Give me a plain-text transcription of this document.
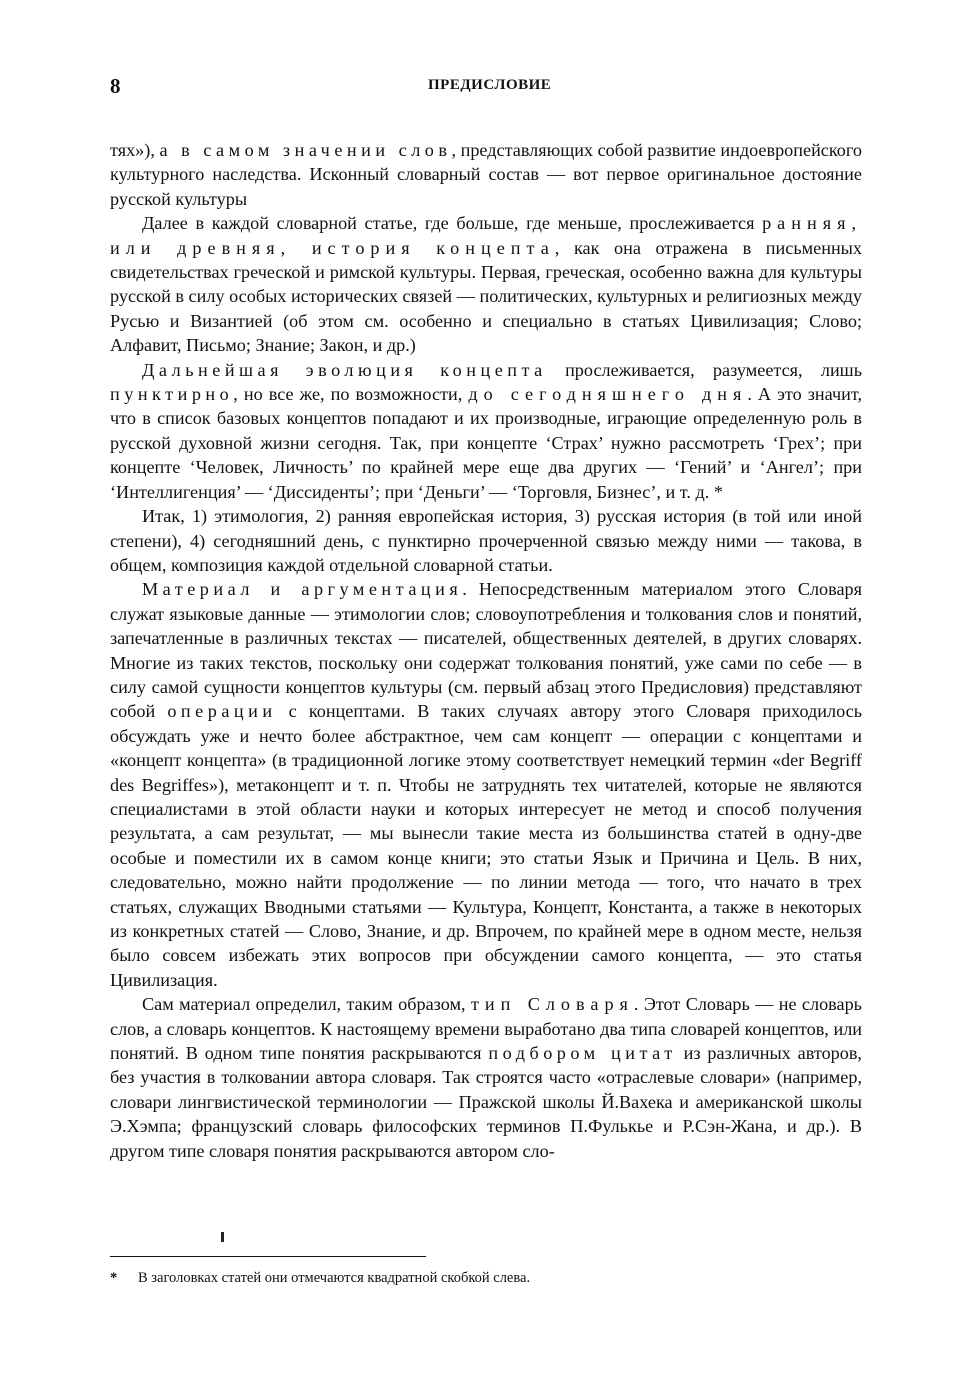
8	ПРЕДИСЛОВИЕ

тях»), а в самом значении слов, представляющих собой развитие индоевропейского культурного наследства. Исконный словарный состав — вот первое оригинальное достояние русской культуры

Далее в каждой словарной статье, где больше, где меньше, прослеживается ранняя, или древняя, история концепта, как она отражена в письменных свидетельствах греческой и римской культуры. Первая, греческая, особенно важна для культуры русской в силу особых исторических связей — политических, культурных и религиозных между Русью и Византией (об этом см. особенно и специально в статьях Цивилизация; Слово; Алфавит, Письмо; Знание; Закон, и др.)

Дальнейшая эволюция концепта прослеживается, разумеется, лишь пунктирно, но все же, по возможности, до сегодняшнего дня. А это значит, что в список базовых концептов попадают и их производные, играющие определенную роль в русской духовной жизни сегодня. Так, при концепте ‘Страх’ нужно рассмотреть ‘Грех’; при концепте ‘Человек, Личность’ по крайней мере еще два других — ‘Гений’ и ‘Ангел’; при ‘Интеллигенция’ — ‘Диссиденты’; при ‘Деньги’ — ‘Торговля, Бизнес’, и т. д. *

Итак, 1) этимология, 2) ранняя европейская история, 3) русская история (в той или иной степени), 4) сегодняшний день, с пунктирно прочерченной связью между ними — такова, в общем, композиция каждой отдельной словарной статьи.

Материал и аргументация. Непосредственным материалом этого Словаря служат языковые данные — этимологии слов; словоупотребления и толкования слов и понятий, запечатленные в различных текстах — писателей, общественных деятелей, в других словарях. Многие из таких текстов, поскольку они содержат толкования понятий, уже сами по себе — в силу самой сущности концептов культуры (см. первый абзац этого Предисловия) представляют собой операции с концептами. В таких случаях автору этого Словаря приходилось обсуждать уже и нечто более абстрактное, чем сам концепт — операции с концептами и «концепт концепта» (в традиционной логике этому соответствует немецкий термин «der Begriff des Begriffes»), метаконцепт и т. п. Чтобы не затруднять тех читателей, которые не являются специалистами в этой области науки и которых интересует не метод и способ получения результата, а сам результат, — мы вынесли такие места из большинства статей в одну-две особые и поместили их в самом конце книги; это статьи Язык и Причина и Цель. В них, следовательно, можно найти продолжение — по линии метода — того, что начато в трех статьях, служащих Вводными статьями — Культура, Концепт, Константа, а также в некоторых из конкретных статей — Слово, Знание, и др. Впрочем, по крайней мере в одном месте, нельзя было совсем избежать этих вопросов при обсуждении самого концепта, — это статья Цивилизация.

Сам материал определил, таким образом, тип Словаря. Этот Словарь — не словарь слов, а словарь концептов. К настоящему времени выработано два типа словарей концептов, или понятий. В одном типе понятия раскрываются подбором цитат из различных авторов, без участия в толковании автора словаря. Так строятся часто «отраслевые словари» (например, словари лингвистической терминологии — Пражской школы Й.Вахека и американской школы Э.Хэмпа; французский словарь философских терминов П.Фулькье и Р.Сэн-Жана, и др.). В другом типе словаря понятия раскрываются автором сло-

* В заголовках статей они отмечаются квадратной скобкой слева.
